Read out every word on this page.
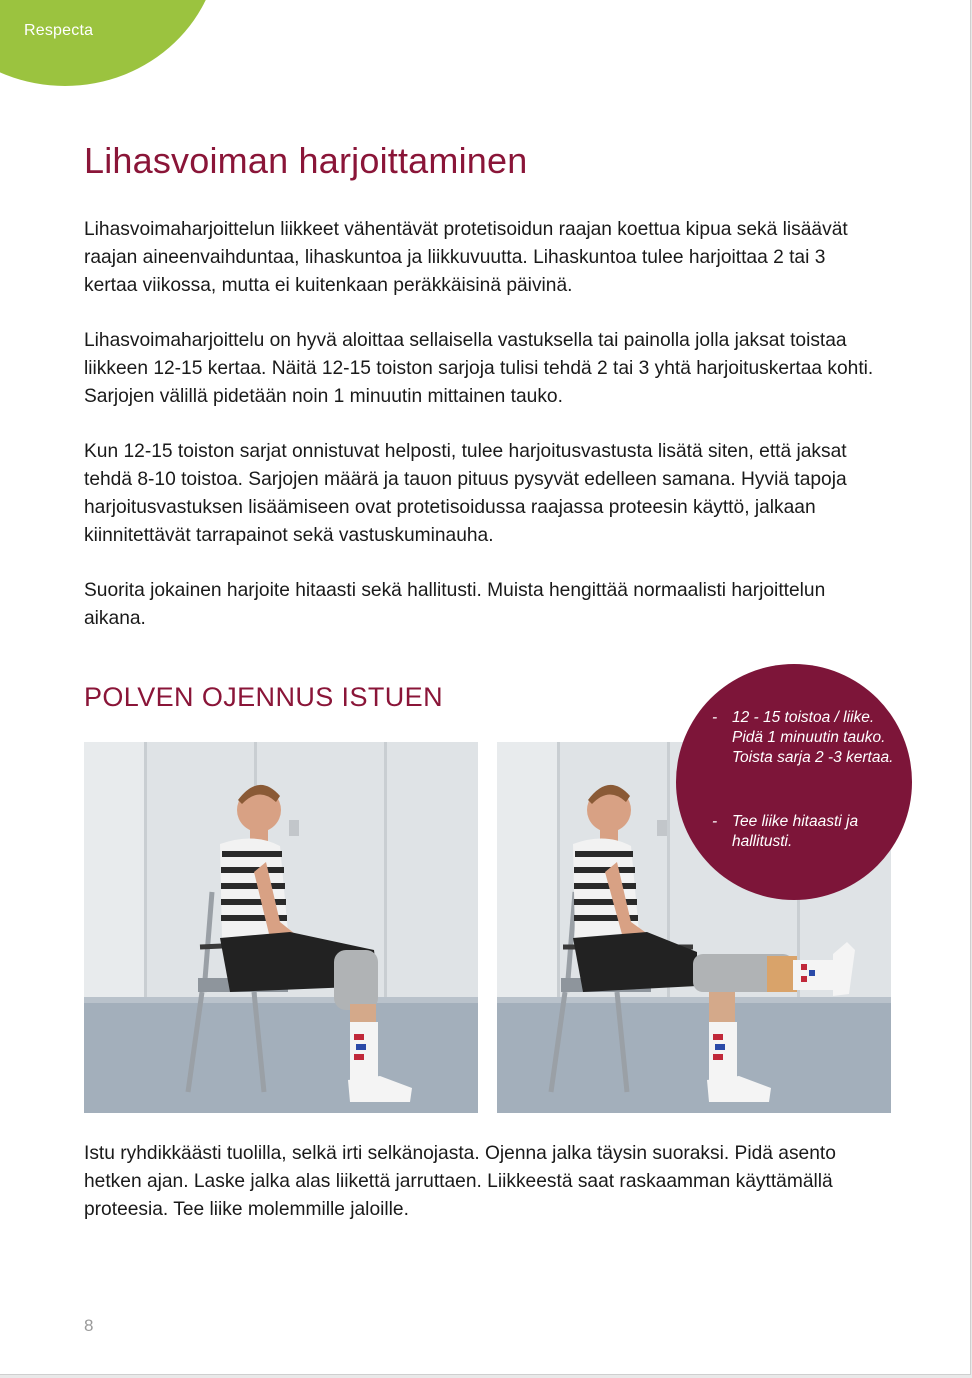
Respecta
Lihasvoiman harjoittaminen

Lihasvoimaharjoittelun liikkeet vähentävät protetisoidun raajan koettua kipua sekä lisäävät raajan aineenvaihduntaa, lihaskuntoa ja liikkuvuutta. Lihaskuntoa tulee harjoittaa 2 tai 3 kertaa viikossa, mutta ei kuitenkaan peräkkäisinä päivinä.

Lihasvoimaharjoittelu on hyvä aloittaa sellaisella vastuksella tai painolla jolla jaksat toistaa liikkeen 12-15 kertaa. Näitä 12-15 toiston sarjoja tulisi tehdä 2 tai 3 yhtä harjoituskertaa kohti. Sarjojen välillä pidetään noin 1 minuutin mittainen tauko.

Kun 12-15 toiston sarjat onnistuvat helposti, tulee harjoitusvastusta lisätä siten, että jaksat tehdä 8-10 toistoa. Sarjojen määrä ja tauon pituus pysyvät edelleen samana. Hyviä tapoja harjoitusvastuksen lisäämiseen ovat protetisoidussa raajassa proteesin käyttö, jalkaan kiinnitettävät tarrapainot sekä vastuskuminauha.

Suorita jokainen harjoite hitaasti sekä hallitusti. Muista hengittää normaalisti harjoittelun aikana.

POLVEN OJENNUS ISTUEN

- 12 - 15 toistoa / liike. Pidä 1 minuutin tauko. Toista sarja 2 -3 kertaa.

- Tee liike hitaasti ja hallitusti.

Istu ryhdikkäästi tuolilla, selkä irti selkänojasta. Ojenna jalka täysin suoraksi. Pidä asento hetken ajan. Laske jalka alas liikettä jarruttaen. Liikkeestä saat raskaamman käyttämällä proteesia. Tee liike molemmille jaloille.

8
